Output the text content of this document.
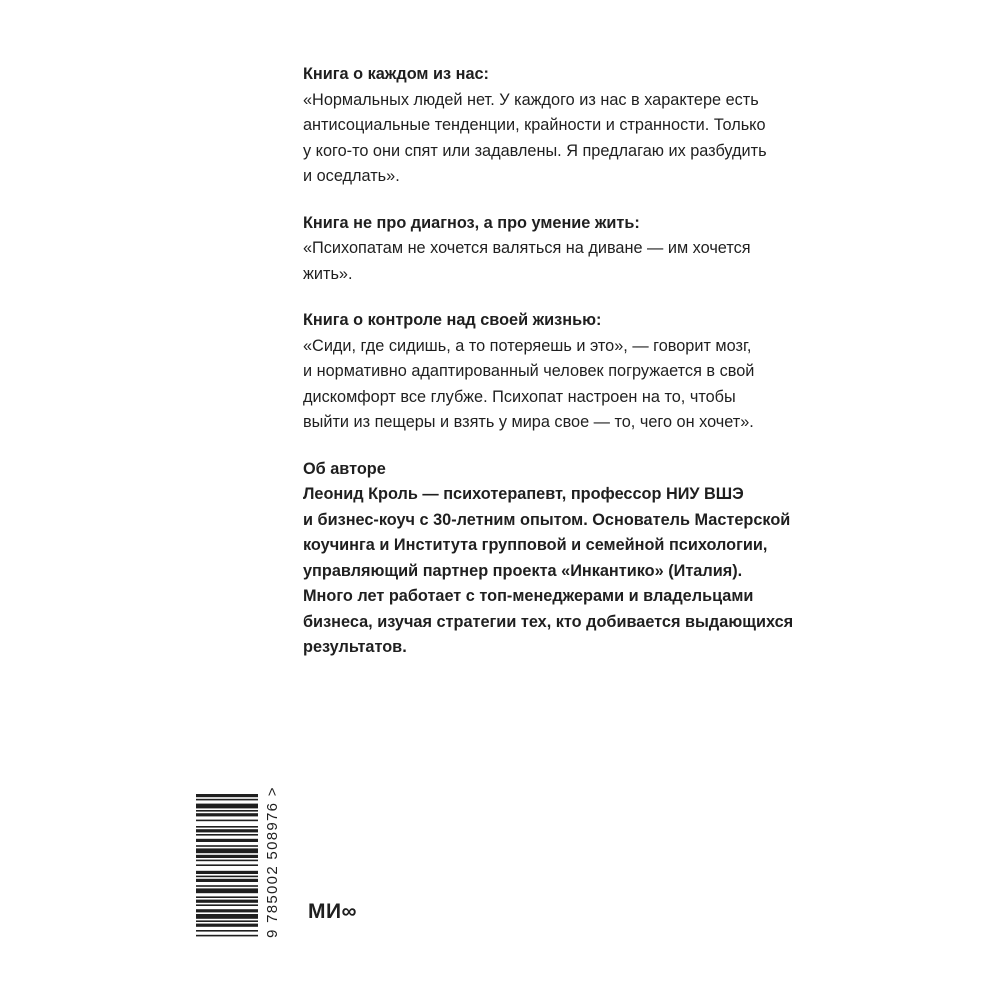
Книга о каждом из нас:
«Нормальных людей нет. У каждого из нас в характере есть
антисоциальные тенденции, крайности и странности. Только
у кого-то они спят или задавлены. Я предлагаю их разбудить
и оседлать».
Книга не про диагноз, а про умение жить:
«Психопатам не хочется валяться на диване — им хочется
жить».
Книга о контроле над своей жизнью:
«Сиди, где сидишь, а то потеряешь и это», — говорит мозг,
и нормативно адаптированный человек погружается в свой
дискомфорт все глубже. Психопат настроен на то, чтобы
выйти из пещеры и взять у мира свое — то, чего он хочет».
Об авторе
Леонид Кроль — психотерапевт, профессор НИУ ВШЭ
и бизнес-коуч с 30-летним опытом. Основатель Мастерской
коучинга и Института групповой и семейной психологии,
управляющий партнер проекта «Инкантико» (Италия).
Много лет работает с топ-менеджерами и владельцами
бизнеса, изучая стратегии тех, кто добивается выдающихся
результатов.
9 785002 508976 > МИ∞
